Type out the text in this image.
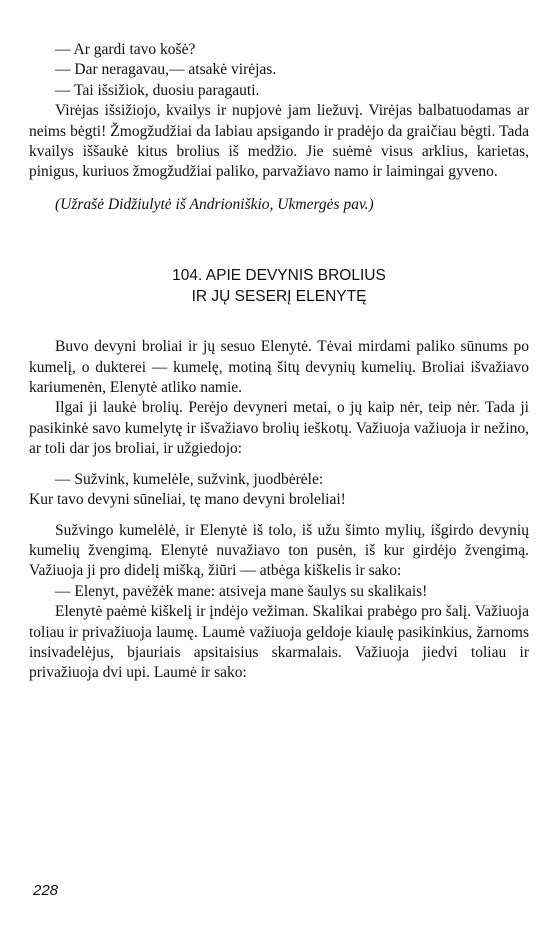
— Ar gardi tavo košė?
— Dar neragavau,— atsakė virėjas.
— Tai išsižiok, duosiu paragauti.

Virėjas išsižiojo, kvailys ir nupjovė jam liežuvį. Virėjas balbatuodamas ar neims bėgti! Žmogžudžiai da labiau apsigando ir pradėjo da graičiau bėgti. Tada kvailys iššaukė kitus brolius iš medžio. Jie suėmė visus arklius, karietas, pinigus, kuriuos žmogžudžiai paliko, parvažiavo namo ir laimingai gyveno.

(Užrašė Didžiulytė iš Andrioniškio, Ukmergės pav.)

104. APIE DEVYNIS BROLIUS
IR JŲ SESERĮ ELENYTĘ

Buvo devyni broliai ir jų sesuo Elenytė. Tėvai mirdami paliko sūnums po kumelį, o dukterei — kumelę, motiną šitų devynių kumelių. Broliai išvažiavo kariumenėn, Elenytė atliko namie.

Ilgai ji laukė brolių. Perėjo devyneri metai, o jų kaip nėr, teip nėr. Tada ji pasikinkė savo kumelytę ir išvažiavo brolių ieškotų. Važiuoja važiuoja ir nežino, ar toli dar jos broliai, ir užgiedojo:

— Sužvink, kumelėle, sužvink, juodbėrėle:
Kur tavo devyni sūneliai, tę mano devyni broleliai!

Sužvingo kumelėlė, ir Elenytė iš tolo, iš užu šimto mylių, išgirdo devynių kumelių žvengimą. Elenytė nuvažiavo ton pusėn, iš kur girdėjo žvengimą. Važiuoja ji pro didelį mišką, žiūri — atbėga kiškelis ir sako:

— Elenyt, pavėžėk mane: atsiveja mane šaulys su skalikais!

Elenytė paėmė kiškelį ir įndėjo vežiman. Skalikai prabėgo pro šalį. Važiuoja toliau ir privažiuoja laumę. Laumė važiuoja geldoje kiaulę pasikinkius, žarnoms insivadelėjus, bjauriais apsitaisius skarmalais. Važiuoja jiedvi toliau ir privažiuoja dvi upi. Laumė ir sako:

228
